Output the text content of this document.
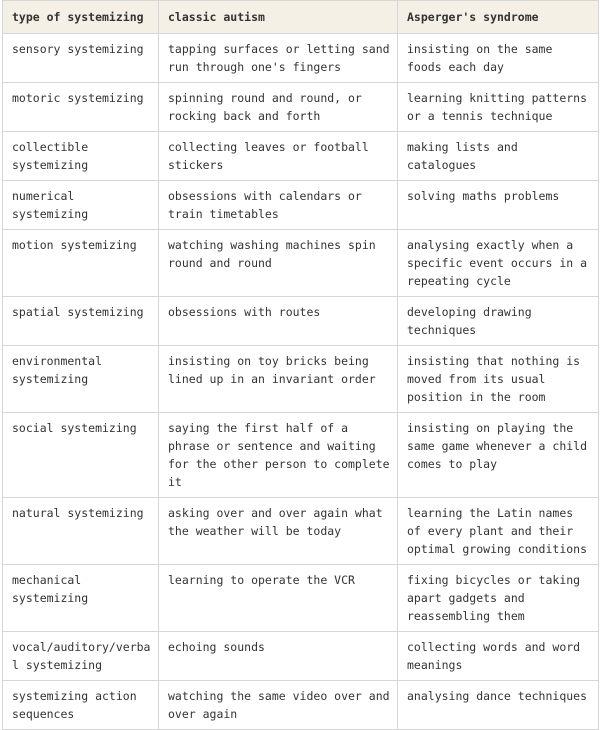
type of systemizing	classic autism	Asperger's syndrome
sensory systemizing	tapping surfaces or letting sand run through one's fingers	insisting on the same foods each day
motoric systemizing	spinning round and round, or rocking back and forth	learning knitting patterns or a tennis technique
collectible systemizing	collecting leaves or football stickers	making lists and catalogues
numerical systemizing	obsessions with calendars or train timetables	solving maths problems
motion systemizing	watching washing machines spin round and round	analysing exactly when a specific event occurs in a repeating cycle
spatial systemizing	obsessions with routes	developing drawing techniques
environmental systemizing	insisting on toy bricks being lined up in an invariant order	insisting that nothing is moved from its usual position in the room
social systemizing	saying the first half of a phrase or sentence and waiting for the other person to complete it	insisting on playing the same game whenever a child comes to play
natural systemizing	asking over and over again what the weather will be today	learning the Latin names of every plant and their optimal growing conditions
mechanical systemizing	learning to operate the VCR	fixing bicycles or taking apart gadgets and reassembling them
vocal/auditory/verbal systemizing	echoing sounds	collecting words and word meanings
systemizing action sequences	watching the same video over and over again	analysing dance techniques
